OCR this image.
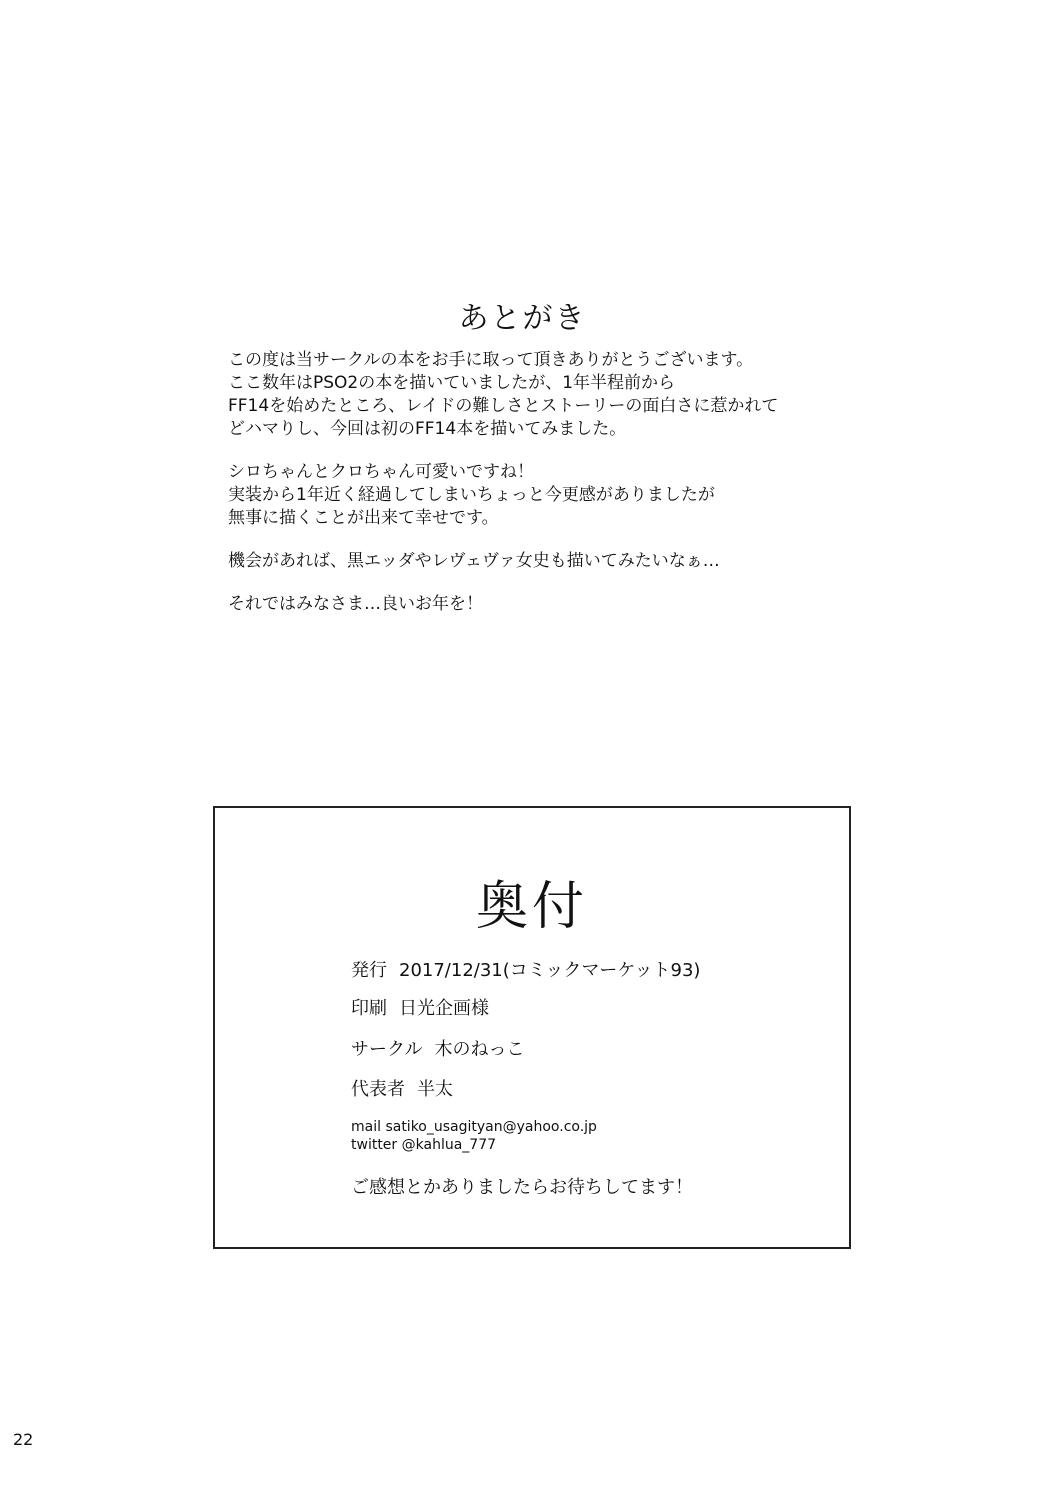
あとがき

この度は当サークルの本をお手に取って頂きありがとうございます。
ここ数年はPSO2の本を描いていましたが、1年半程前から
FF14を始めたところ、レイドの難しさとストーリーの面白さに惹かれて
どハマりし、今回は初のFF14本を描いてみました。

シロちゃんとクロちゃん可愛いですね！
実装から1年近く経過してしまいちょっと今更感がありましたが
無事に描くことが出来て幸せです。

機会があれば、黒エッダやレヴェヴァ女史も描いてみたいなぁ…

それではみなさま…良いお年を！

奥付
発行 2017/12/31(コミックマーケット93)
印刷 日光企画様
サークル 木のねっこ
代表者 半太
mail satiko_usagityan@yahoo.co.jp
twitter @kahlua_777
ご感想とかありましたらお待ちしてます！
22
